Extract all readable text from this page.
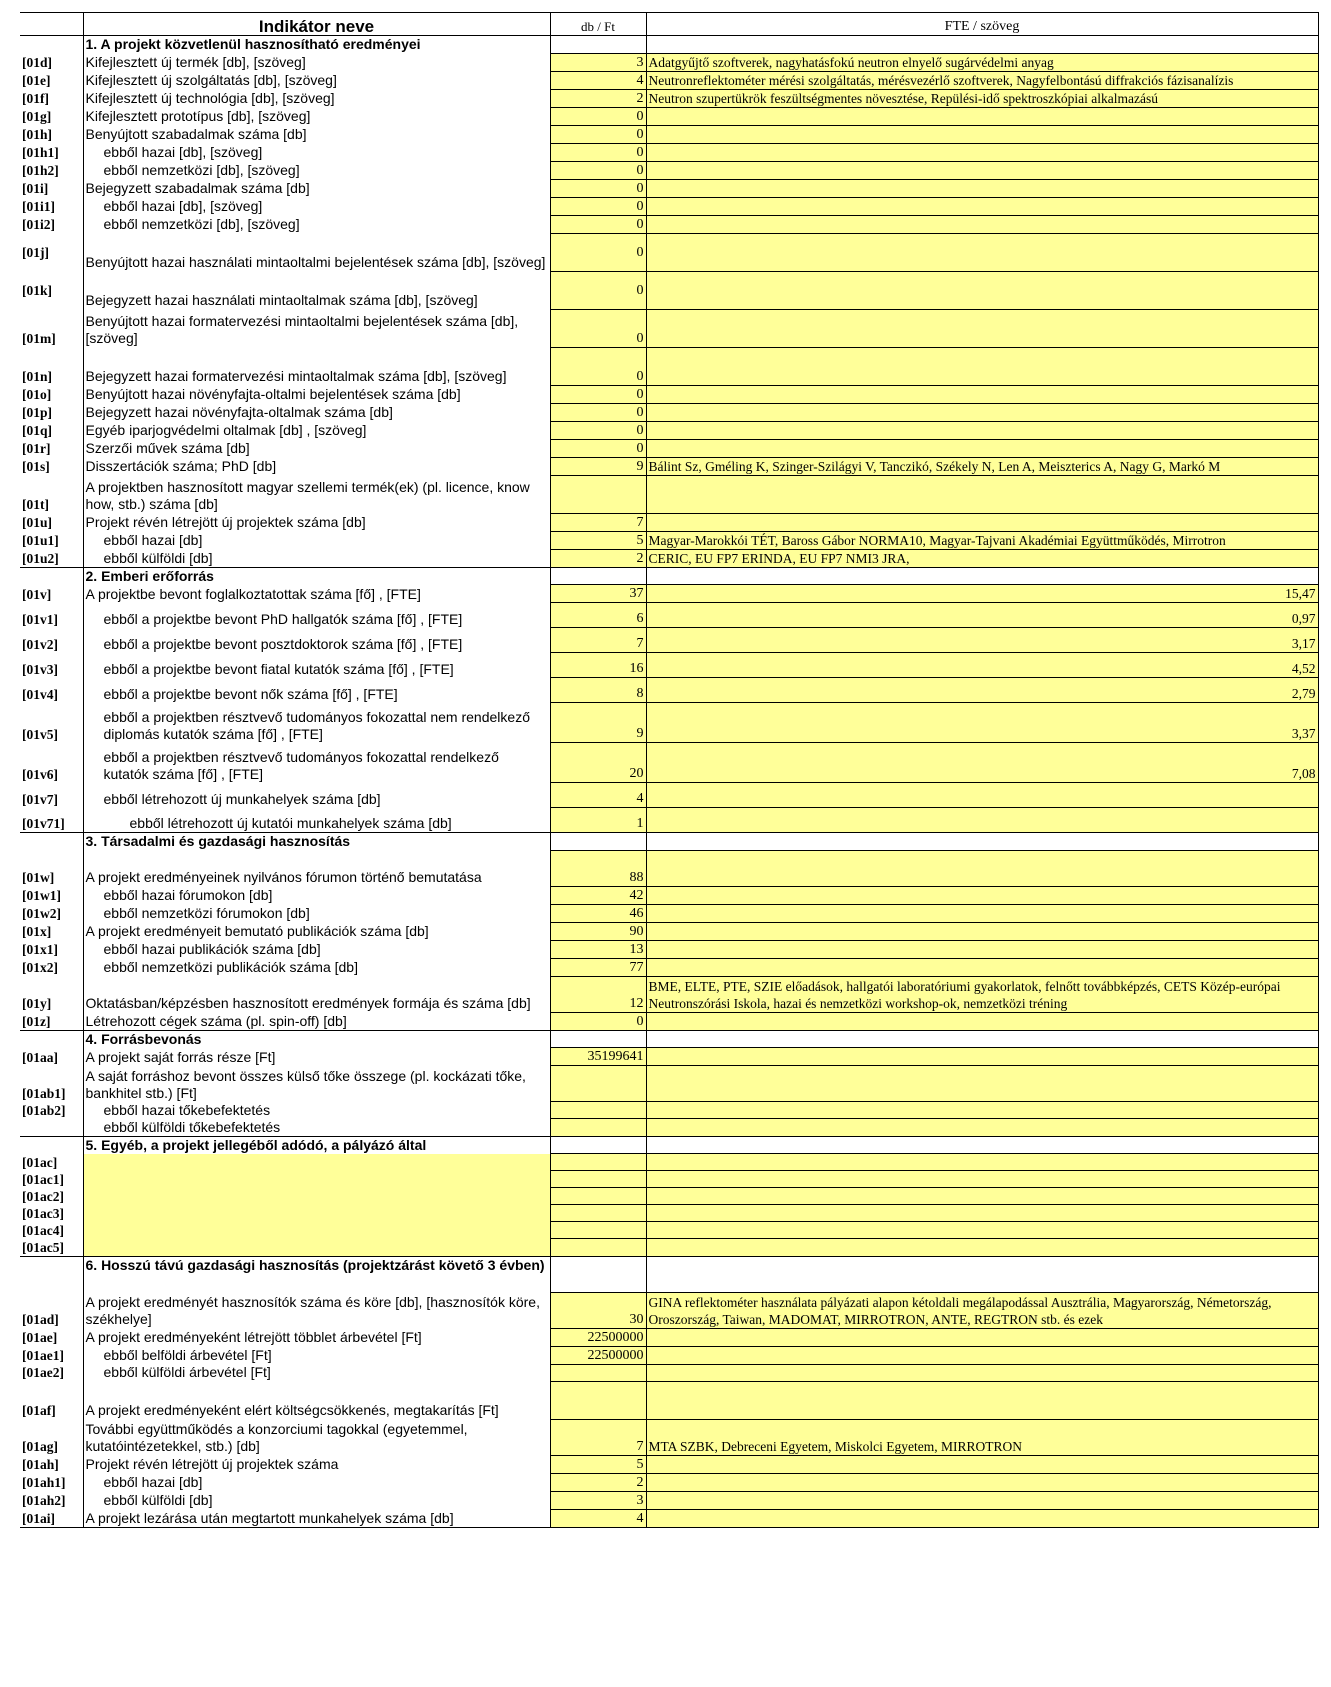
	Indikátor neve	db / Ft	FTE / szöveg
	1. A projekt közvetlenül hasznosítható eredményei		
[01d]	Kifejlesztett új termék [db], [szöveg]	3	Adatgyűjtő szoftverek, nagyhatásfokú neutron elnyelő sugárvédelmi anyag
[01e]	Kifejlesztett új szolgáltatás [db], [szöveg]	4	Neutronreflektométer mérési szolgáltatás, mérésvezérlő szoftverek, Nagyfelbontású diffrakciós fázisanalízis
[01f]	Kifejlesztett új technológia [db], [szöveg]	2	Neutron szupertükrök feszültségmentes növesztése, Repülési-idő spektroszkópiai alkalmazású
[01g]	Kifejlesztett prototípus [db], [szöveg]	0	
[01h]	Benyújtott szabadalmak száma [db]	0	
[01h1]	ebből hazai [db], [szöveg]	0	
[01h2]	ebből nemzetközi [db], [szöveg]	0	
[01i]	Bejegyzett szabadalmak száma [db]	0	
[01i1]	ebből hazai [db], [szöveg]	0	
[01i2]	ebből nemzetközi [db], [szöveg]	0	
[01j]	Benyújtott hazai használati mintaoltalmi bejelentések száma [db], [szöveg]	0	
[01k]	Bejegyzett hazai használati mintaoltalmak száma [db], [szöveg]	0	
[01m]	Benyújtott hazai formatervezési mintaoltalmi bejelentések száma [db], [szöveg]	0	
[01n]	Bejegyzett hazai formatervezési mintaoltalmak száma [db], [szöveg]	0	
[01o]	Benyújtott hazai növényfajta-oltalmi bejelentések száma [db]	0	
[01p]	Bejegyzett hazai növényfajta-oltalmak száma [db]	0	
[01q]	Egyéb iparjogvédelmi oltalmak [db] , [szöveg]	0	
[01r]	Szerzői művek száma [db]	0	
[01s]	Disszertációk száma; PhD [db]	9	Bálint Sz, Gméling K, Szinger-Szilágyi V, Tanczikó, Székely N, Len A, Meiszterics A, Nagy G, Markó M
[01t]	A projektben hasznosított magyar szellemi termék(ek) (pl. licence, know how, stb.) száma [db]		
[01u]	Projekt révén létrejött új projektek száma [db]	7	
[01u1]	ebből hazai [db]	5	Magyar-Marokkói TÉT, Baross Gábor NORMA10, Magyar-Tajvani Akadémiai Együttműködés, Mirrotron
[01u2]	ebből külföldi [db]	2	CERIC, EU FP7 ERINDA, EU FP7 NMI3 JRA,
	2. Emberi erőforrás		
[01v]	A projektbe bevont foglalkoztatottak száma [fő] , [FTE]	37	15,47
[01v1]	ebből a projektbe bevont PhD hallgatók száma [fő] , [FTE]	6	0,97
[01v2]	ebből a projektbe bevont posztdoktorok száma [fő] , [FTE]	7	3,17
[01v3]	ebből a projektbe bevont fiatal kutatók száma [fő] , [FTE]	16	4,52
[01v4]	ebből a projektbe bevont nők száma [fő] , [FTE]	8	2,79
[01v5]	ebből a projektben résztvevő tudományos fokozattal nem rendelkező diplomás kutatók száma [fő] , [FTE]	9	3,37
[01v6]	ebből a projektben résztvevő tudományos fokozattal rendelkező kutatók száma [fő] , [FTE]	20	7,08
[01v7]	ebből létrehozott új munkahelyek száma [db]	4	
[01v71]	ebből létrehozott új kutatói munkahelyek száma [db]	1	
	3. Társadalmi és gazdasági hasznosítás		
[01w]	A projekt eredményeinek nyilvános fórumon történő bemutatása	88	
[01w1]	ebből hazai fórumokon [db]	42	
[01w2]	ebből nemzetközi fórumokon [db]	46	
[01x]	A projekt eredményeit bemutató publikációk száma [db]	90	
[01x1]	ebből hazai publikációk száma [db]	13	
[01x2]	ebből nemzetközi publikációk száma [db]	77	
[01y]	Oktatásban/képzésben hasznosított eredmények formája és száma [db]	12	BME, ELTE, PTE, SZIE előadások, hallgatói laboratóriumi gyakorlatok, felnőtt továbbképzés, CETS Közép-európai Neutronszórási Iskola, hazai és nemzetközi workshop-ok, nemzetközi tréning
[01z]	Létrehozott cégek száma (pl. spin-off) [db]	0	
	4. Forrásbevonás		
[01aa]	A projekt saját forrás része [Ft]	35199641	
[01ab1]	A saját forráshoz bevont összes külső tőke összege (pl. kockázati tőke, bankhitel stb.) [Ft]		
[01ab2]	ebből hazai tőkebefektetés		
	ebből külföldi tőkebefektetés		
	5. Egyéb, a projekt jellegéből adódó, a pályázó által		
[01ac]			
[01ac1]			
[01ac2]			
[01ac3]			
[01ac4]			
[01ac5]			
	6. Hosszú távú gazdasági hasznosítás (projektzárást követő 3 évben)		
[01ad]	A projekt eredményét hasznosítók száma és köre [db], [hasznosítók köre, székhelye]	30	GINA reflektométer használata pályázati alapon kétoldali megálapodással Ausztrália, Magyarország, Németország, Oroszország, Taiwan, MADOMAT, MIRROTRON, ANTE, REGTRON stb. és ezek
[01ae]	A projekt eredményeként létrejött többlet árbevétel [Ft]	22500000	
[01ae1]	ebből belföldi árbevétel [Ft]	22500000	
[01ae2]	ebből külföldi árbevétel [Ft]		
[01af]	A projekt eredményeként elért költségcsökkenés, megtakarítás [Ft]		
[01ag]	További együttműködés a konzorciumi tagokkal (egyetemmel, kutatóintézetekkel, stb.) [db]	7	MTA SZBK, Debreceni Egyetem, Miskolci Egyetem, MIRROTRON
[01ah]	Projekt révén létrejött új projektek száma	5	
[01ah1]	ebből hazai [db]	2	
[01ah2]	ebből külföldi [db]	3	
[01ai]	A projekt lezárása után megtartott munkahelyek száma [db]	4	
